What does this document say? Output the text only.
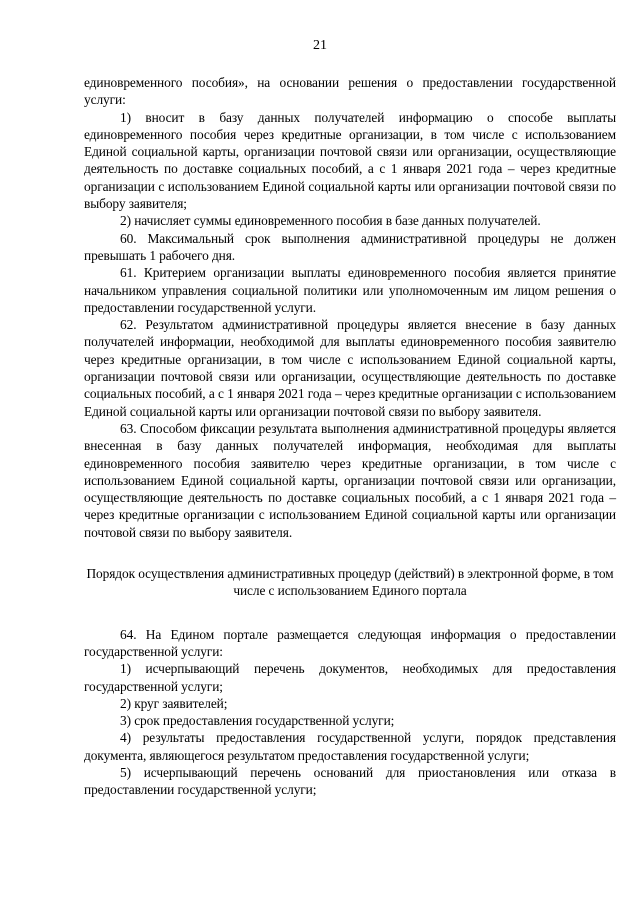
21

единовременного пособия», на основании решения о предоставлении государственной услуги:

1) вносит в базу данных получателей информацию о способе выплаты единовременного пособия через кредитные организации, в том числе с использованием Единой социальной карты, организации почтовой связи или организации, осуществляющие деятельность по доставке социальных пособий, а с 1 января 2021 года – через кредитные организации с использованием Единой социальной карты или организации почтовой связи по выбору заявителя;

2) начисляет суммы единовременного пособия в базе данных получателей.

60. Максимальный срок выполнения административной процедуры не должен превышать 1 рабочего дня.

61. Критерием организации выплаты единовременного пособия является принятие начальником управления социальной политики или уполномоченным им лицом решения о предоставлении государственной услуги.

62. Результатом административной процедуры является внесение в базу данных получателей информации, необходимой для выплаты единовременного пособия заявителю через кредитные организации, в том числе с использованием Единой социальной карты, организации почтовой связи или организации, осуществляющие деятельность по доставке социальных пособий, а с 1 января 2021 года – через кредитные организации с использованием Единой социальной карты или организации почтовой связи по выбору заявителя.

63. Способом фиксации результата выполнения административной процедуры является внесенная в базу данных получателей информация, необходимая для выплаты единовременного пособия заявителю через кредитные организации, в том числе с использованием Единой социальной карты, организации почтовой связи или организации, осуществляющие деятельность по доставке социальных пособий, а с 1 января 2021 года – через кредитные организации с использованием Единой социальной карты или организации почтовой связи по выбору заявителя.

Порядок осуществления административных процедур (действий) в электронной форме, в том числе с использованием Единого портала

64. На Едином портале размещается следующая информация о предоставлении государственной услуги:

1) исчерпывающий перечень документов, необходимых для предоставления государственной услуги;

2) круг заявителей;

3) срок предоставления государственной услуги;

4) результаты предоставления государственной услуги, порядок представления документа, являющегося результатом предоставления государственной услуги;

5) исчерпывающий перечень оснований для приостановления или отказа в предоставлении государственной услуги;
